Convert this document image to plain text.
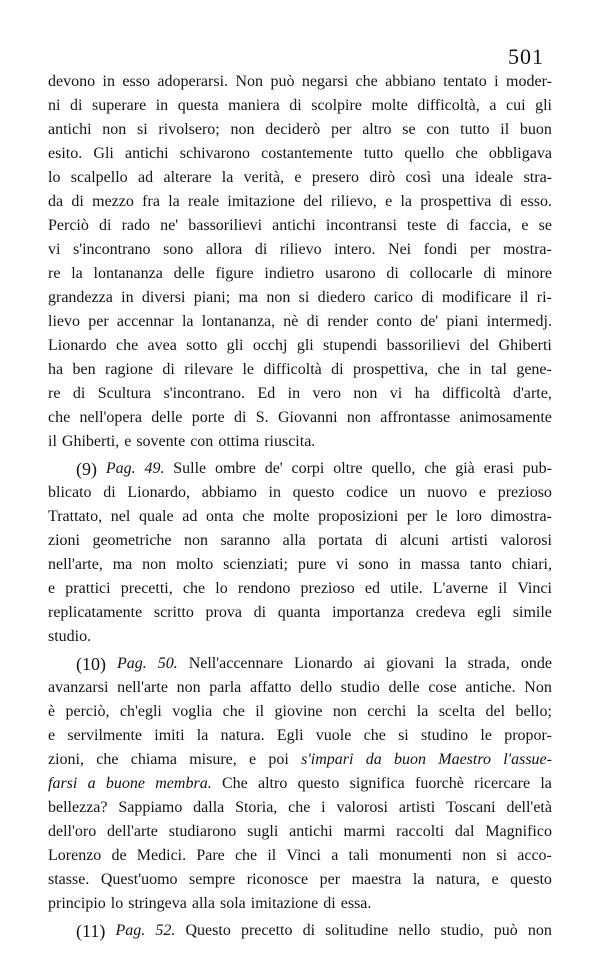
501
devono in esso adoperarsi. Non può negarsi che abbiano tentato i moder-
ni di superare in questa maniera di scolpire molte difficoltà, a cui gli
antichi non si rivolsero; non deciderò per altro se con tutto il buon
esito. Gli antichi schivarono costantemente tutto quello che obbligava
lo scalpello ad alterare la verità, e presero dirò così una ideale stra-
da di mezzo fra la reale imitazione del rilievo, e la prospettiva di esso.
Perciò di rado ne' bassorilievi antichi incontransi teste di faccia, e se
vi s'incontrano sono allora di rilievo intero. Nei fondi per mostra-
re la lontananza delle figure indietro usarono di collocarle di minore
grandezza in diversi piani; ma non si diedero carico di modificare il ri-
lievo per accennar la lontananza, nè di render conto de' piani intermedj.
Lionardo che avea sotto gli occhj gli stupendi bassorilievi del Ghiberti
ha ben ragione di rilevare le difficoltà di prospettiva, che in tal gene-
re di Scultura s'incontrano. Ed in vero non vi ha difficoltà d'arte,
che nell'opera delle porte di S. Giovanni non affrontasse animosamente
il Ghiberti, e sovente con ottima riuscita.
(9) Pag. 49. Sulle ombre de' corpi oltre quello, che già erasi pub-
blicato di Lionardo, abbiamo in questo codice un nuovo e prezioso
Trattato, nel quale ad onta che molte proposizioni per le loro dimostra-
zioni geometriche non saranno alla portata di alcuni artisti valorosi
nell'arte, ma non molto scienziati; pure vi sono in massa tanto chiari,
e prattici precetti, che lo rendono prezioso ed utile. L'averne il Vinci
replicatamente scritto prova di quanta importanza credeva egli simile
studio.
(10) Pag. 50. Nell'accennare Lionardo ai giovani la strada, onde
avanzarsi nell'arte non parla affatto dello studio delle cose antiche. Non
è perciò, ch'egli voglia che il giovine non cerchi la scelta del bello;
e servilmente imiti la natura. Egli vuole che si studino le propor-
zioni, che chiama misure, e poi s'impari da buon Maestro l'assue-
farsi a buone membra. Che altro questo significa fuorchè ricercare la
bellezza? Sappiamo dalla Storia, che i valorosi artisti Toscani dell'età
dell'oro dell'arte studiarono sugli antichi marmi raccolti dal Magnifico
Lorenzo de Medici. Pare che il Vinci a tali monumenti non si acco-
stasse. Quest'uomo sempre riconosce per maestra la natura, e questo
principio lo stringeva alla sola imitazione di essa.
(11) Pag. 52. Questo precetto di solitudine nello studio, può non
